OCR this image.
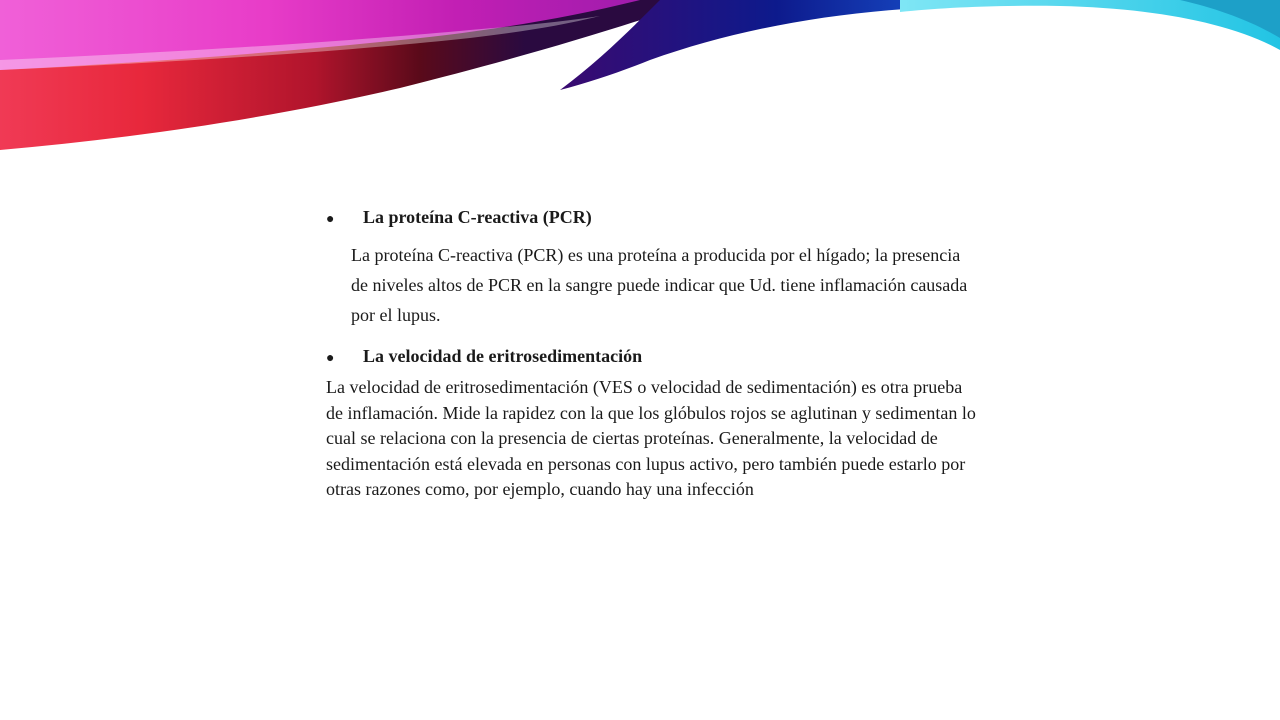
●	La proteína C-reactiva (PCR)

La proteína C-reactiva (PCR) es una proteína a producida por el hígado; la presencia de niveles altos de PCR en la sangre puede indicar que Ud. tiene inflamación causada por el lupus.

●	La velocidad de eritrosedimentación

La velocidad de eritrosedimentación (VES o velocidad de sedimentación) es otra prueba de inflamación. Mide la rapidez con la que los glóbulos rojos se aglutinan y sedimentan lo cual se relaciona con la presencia de ciertas proteínas. Generalmente, la velocidad de sedimentación está elevada en personas con lupus activo, pero también puede estarlo por otras razones como, por ejemplo, cuando hay una infección
